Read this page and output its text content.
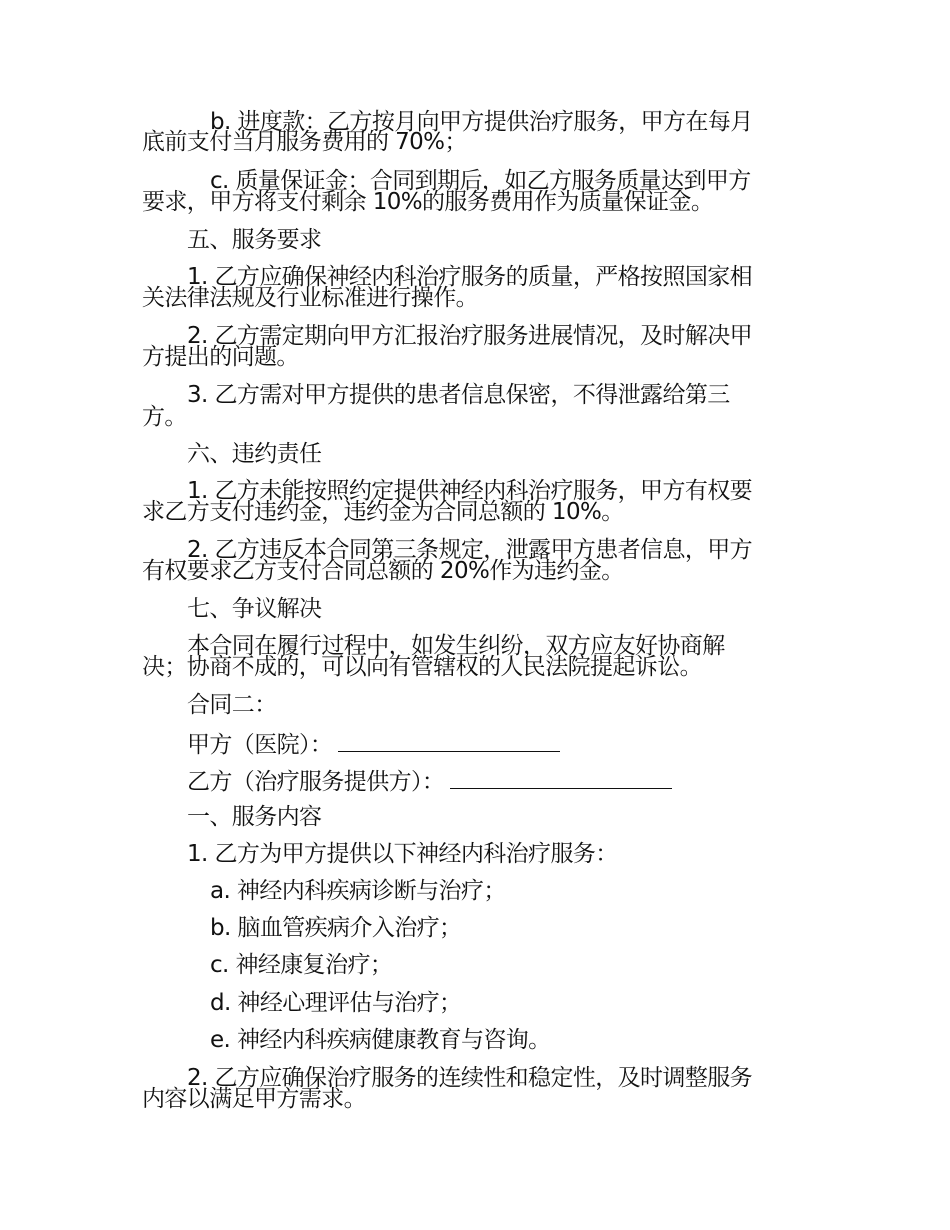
b. 进度款：乙方按月向甲方提供治疗服务，甲方在每月
底前支付当月服务费用的 70%；
c. 质量保证金：合同到期后，如乙方服务质量达到甲方
要求，甲方将支付剩余 10%的服务费用作为质量保证金。
五、服务要求
1. 乙方应确保神经内科治疗服务的质量，严格按照国家相
关法律法规及行业标准进行操作。
2. 乙方需定期向甲方汇报治疗服务进展情况，及时解决甲
方提出的问题。
3. 乙方需对甲方提供的患者信息保密，不得泄露给第三
方。
六、违约责任
1. 乙方未能按照约定提供神经内科治疗服务，甲方有权要
求乙方支付违约金，违约金为合同总额的 10%。
2. 乙方违反本合同第三条规定，泄露甲方患者信息，甲方
有权要求乙方支付合同总额的 20%作为违约金。
七、争议解决
本合同在履行过程中，如发生纠纷，双方应友好协商解
决；协商不成的，可以向有管辖权的人民法院提起诉讼。
合同二：
甲方（医院）：
乙方（治疗服务提供方）：
一、服务内容
1. 乙方为甲方提供以下神经内科治疗服务：
a. 神经内科疾病诊断与治疗；
b. 脑血管疾病介入治疗；
c. 神经康复治疗；
d. 神经心理评估与治疗；
e. 神经内科疾病健康教育与咨询。
2. 乙方应确保治疗服务的连续性和稳定性，及时调整服务
内容以满足甲方需求。
